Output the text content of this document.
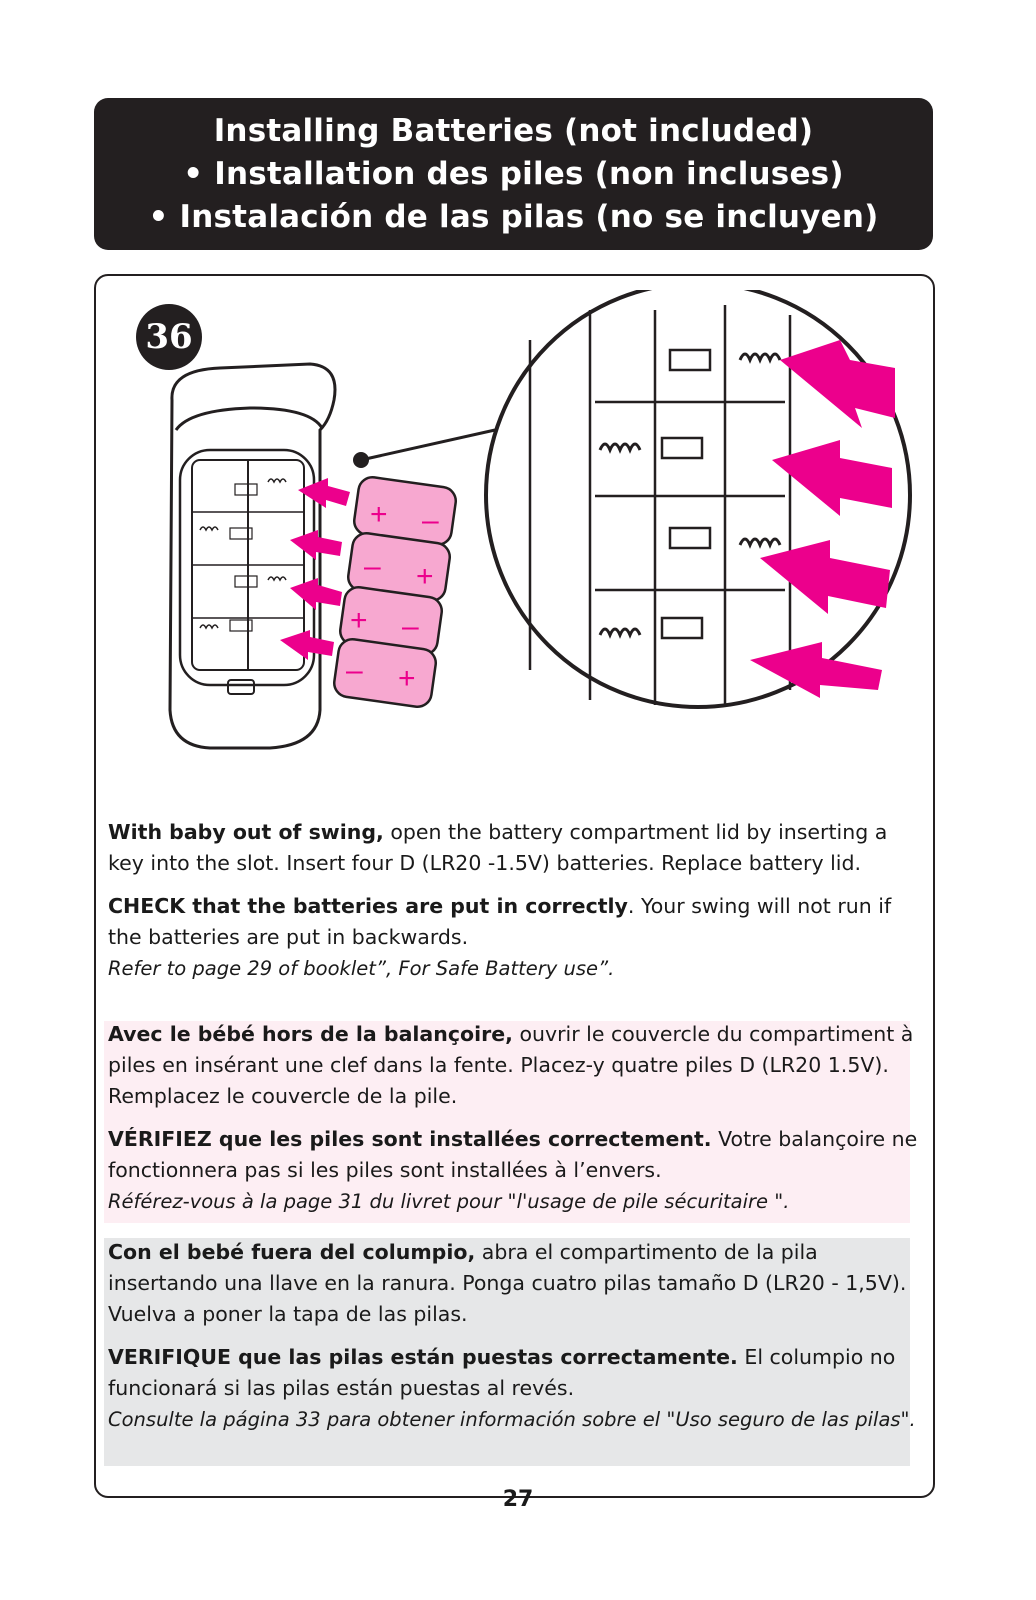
Installing Batteries (not included)
• Installation des piles (non incluses)
• Instalación de las pilas (no se incluyen)
+ –
– +
+ –
– +
36

With baby out of swing, open the battery compartment lid by inserting a key into the slot. Insert four D (LR20 -1.5V) batteries. Replace battery lid.

CHECK that the batteries are put in correctly. Your swing will not run if the batteries are put in backwards.
Refer to page 29 of booklet”, For Safe Battery use”.

Avec le bébé hors de la balançoire, ouvrir le couvercle du compartiment à piles en insérant une clef dans la fente. Placez-y quatre piles D (LR20 1.5V). Remplacez le couvercle de la pile.

VÉRIFIEZ que les piles sont installées correctement. Votre balançoire ne fonctionnera pas si les piles sont installées à l’envers.
Référez-vous à la page 31 du livret pour "l'usage de pile sécuritaire ".

Con el bebé fuera del columpio, abra el compartimento de la pila insertando una llave en la ranura. Ponga cuatro pilas tamaño D (LR20 - 1,5V). Vuelva a poner la tapa de las pilas.

VERIFIQUE que las pilas están puestas correctamente. El columpio no funcionará si las pilas están puestas al revés.
Consulte la página 33 para obtener información sobre el "Uso seguro de las pilas".

27
